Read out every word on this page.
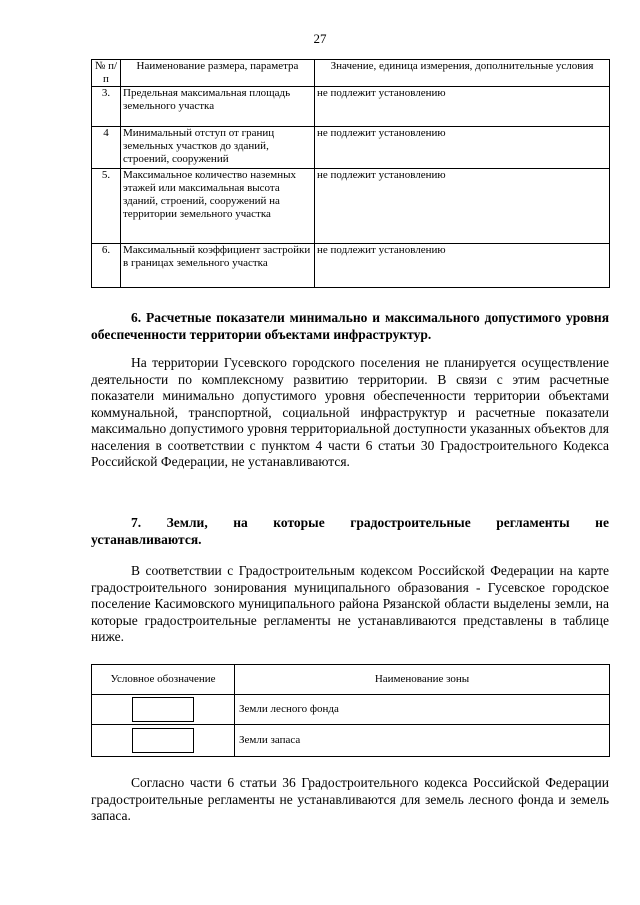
27
№ п/п	Наименование размера, параметра	Значение, единица измерения, дополнительные условия
3.	Предельная максимальная площадь земельного участка	не подлежит установлению
4	Минимальный отступ от границ земельных участков до зданий, строений, сооружений	не подлежит установлению
5.	Максимальное количество наземных этажей или максимальная высота зданий, строений, сооружений на территории земельного участка	не подлежит установлению
6.	Максимальный коэффициент застройки в границах земельного участка	не подлежит установлению
6. Расчетные показатели минимально и максимального допустимого уровня обеспеченности территории объектами инфраструктур.
На территории Гусевского городского поселения не планируется осуществление деятельности по комплексному развитию территории. В связи с этим расчетные показатели минимально допустимого уровня обеспеченности территории объектами коммунальной, транспортной, социальной инфраструктур и расчетные показатели максимально допустимого уровня территориальной доступности указанных объектов для населения в соответствии с пунктом 4 части 6 статьи 30 Градостроительного Кодекса Российской Федерации, не устанавливаются.
7. Земли, на которые градостроительные регламенты не
устанавливаются.
В соответствии с Градостроительным кодексом Российской Федерации на карте градостроительного зонирования муниципального образования - Гусевское городское поселение Касимовского муниципального района Рязанской области выделены земли, на которые градостроительные регламенты не устанавливаются представлены в таблице ниже.
Условное обозначение	Наименование зоны

	Земли лесного фонда

	Земли запаса
Согласно части 6 статьи 36 Градостроительного кодекса Российской Федерации градостроительные регламенты не устанавливаются для земель лесного фонда и земель запаса.
